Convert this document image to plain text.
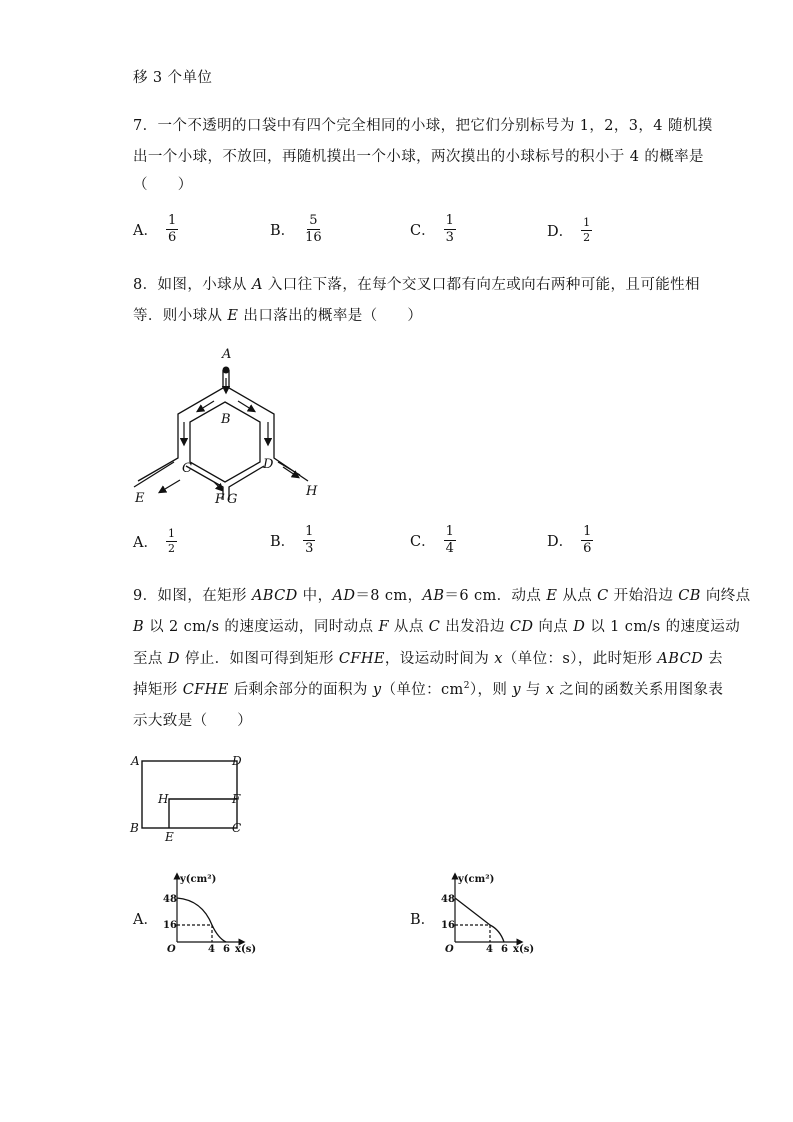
移 3 个单位
7．一个不透明的口袋中有四个完全相同的小球，把它们分别标号为 1，2，3，4 随机摸
出一个小球，不放回，再随机摸出一个小球，两次摸出的小球标号的积小于 4 的概率是
（　　）
A． $\frac{1}{6}$	B． $\frac{5}{16}$	C． $\frac{1}{3}$	D． $\frac{1}{2}$
8．如图，小球从 A 入口往下落，在每个交叉口都有向左或向右两种可能，且可能性相
等．则小球从 E 出口落出的概率是（　　）
A
B
C	D
E	F G
H
A． $\frac{1}{2}$	B． $\frac{1}{3}$	C． $\frac{1}{4}$	D． $\frac{1}{6}$
9．如图，在矩形 ABCD 中，AD＝8 cm，AB＝6 cm．动点 E 从点 C 开始沿边 CB 向终点
B 以 2 cm/s 的速度运动，同时动点 F 从点 C 出发沿边 CD 向点 D 以 1 cm/s 的速度运动
至点 D 停止．如图可得到矩形 CFHE，设运动时间为 x（单位：s），此时矩形 ABCD 去
掉矩形 CFHE 后剩余部分的面积为 y（单位：$cm^2$），则 y 与 x 之间的函数关系用图象表
示大致是（　　）
A
B	C
D
E
F
H
A．
y(cm²)
48
16
O	4 6 x(s)
B．
y(cm²)
48
16
O	4 6 x(s)
